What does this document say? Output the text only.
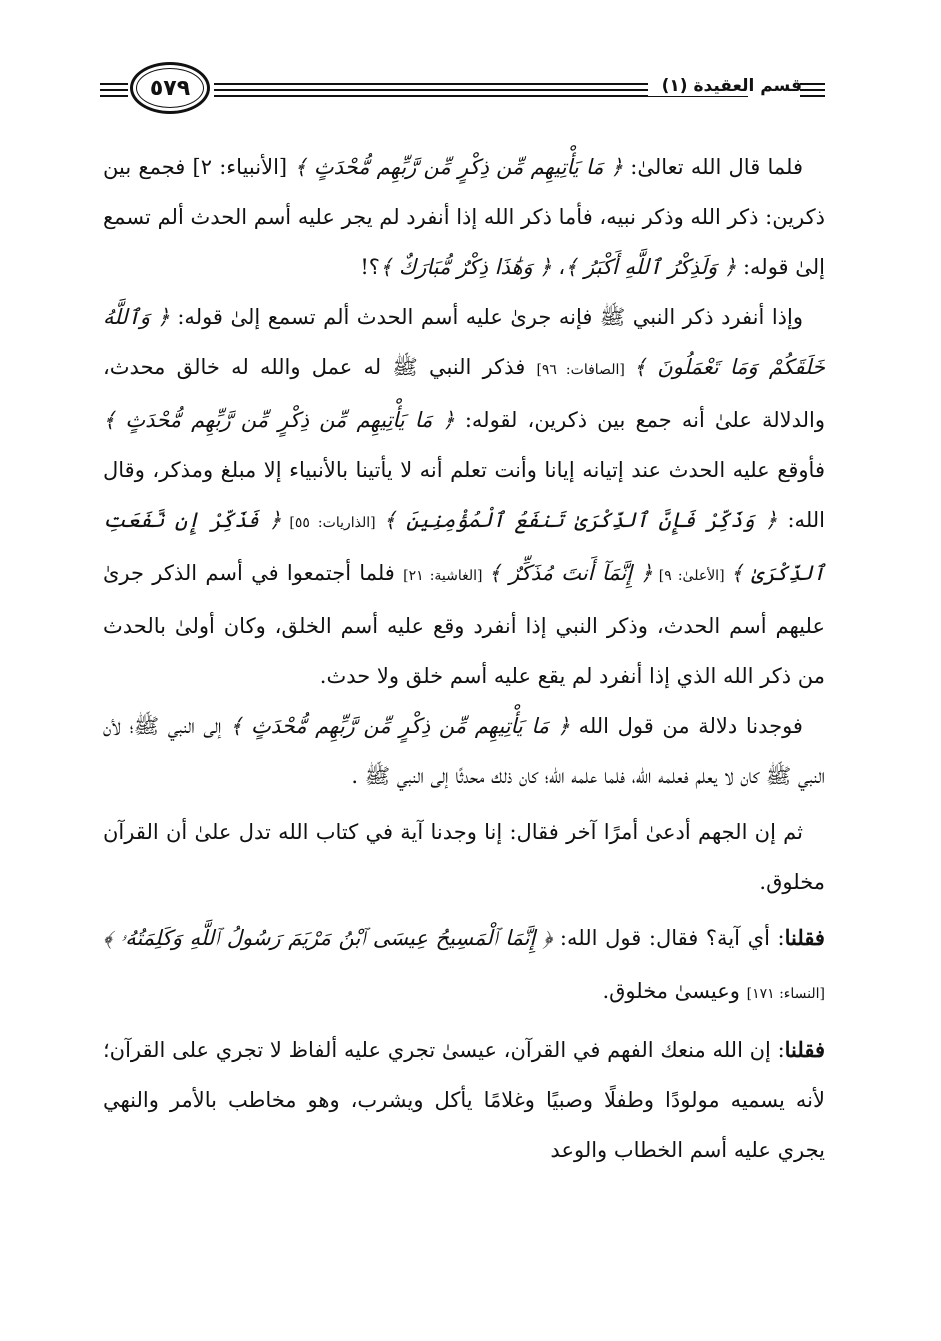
٥٧٩	قسم العقيدة (١)

فلما قال الله تعالىٰ: ﴿ مَا يَأْتِيهِم مِّن ذِكْرٍ مِّن رَّبِّهِم مُّحْدَثٍ ﴾ [الأنبياء: ٢] فجمع بين ذكرين: ذكر الله وذكر نبيه، فأما ذكر الله إذا أنفرد لم يجر عليه أسم الحدث ألم تسمع إلىٰ قوله: ﴿ وَلَذِكْرُ ٱللَّهِ أَكْبَرُ ﴾، ﴿ وَهَٰذَا ذِكْرٌ مُّبَارَكٌ ﴾؟!

وإذا أنفرد ذكر النبي ﷺ فإنه جرىٰ عليه أسم الحدث ألم تسمع إلىٰ قوله: ﴿ وَٱللَّهُ خَلَقَكُمْ وَمَا تَعْمَلُونَ ﴾ [الصافات: ٩٦] فذكر النبي ﷺ له عمل والله له خالق محدث، والدلالة علىٰ أنه جمع بين ذكرين، لقوله: ﴿ مَا يَأْتِيهِم مِّن ذِكْرٍ مِّن رَّبِّهِم مُّحْدَثٍ ﴾ فأوقع عليه الحدث عند إتيانه إيانا وأنت تعلم أنه لا يأتينا بالأنبياء إلا مبلغ ومذكر، وقال الله: ﴿ وَذَكِّرْ فَإِنَّ ٱلذِّكْرَىٰ تَنفَعُ ٱلْمُؤْمِنِينَ ﴾ [الذاريات: ٥٥] ﴿ فَذَكِّرْ إِن نَّفَعَتِ ٱلذِّكْرَىٰ ﴾ [الأعلىٰ: ٩] ﴿ إِنَّمَآ أَنتَ مُذَكِّرٌ ﴾ [الغاشية: ٢١] فلما أجتمعوا في أسم الذكر جرىٰ عليهم أسم الحدث، وذكر النبي إذا أنفرد وقع عليه أسم الخلق، وكان أولىٰ بالحدث من ذكر الله الذي إذا أنفرد لم يقع عليه أسم خلق ولا حدث.

فوجدنا دلالة من قول الله ﴿ مَا يَأْتِيهِم مِّن ذِكْرٍ مِّن رَّبِّهِم مُّحْدَثٍ ﴾ إلى النبي ﷺ؛ لأن النبي ﷺ كان لا يعلم فعلمه الله، فلما علمه الله؛ كان ذلك محدثًا إلى النبي ﷺ .

ثم إن الجهم أدعىٰ أمرًا آخر فقال: إنا وجدنا آية في كتاب الله تدل علىٰ أن القرآن مخلوق.

فقلنا: أي آية؟ فقال: قول الله: ﴿ إِنَّمَا ٱلْمَسِيحُ عِيسَى ٱبْنُ مَرْيَمَ رَسُولُ ٱللَّهِ وَكَلِمَتُهُۥ ﴾ [النساء: ١٧١] وعيسىٰ مخلوق.

فقلنا: إن الله منعك الفهم في القرآن، عيسىٰ تجري عليه ألفاظ لا تجري على القرآن؛ لأنه يسميه مولودًا وطفلًا وصبيًا وغلامًا يأكل ويشرب، وهو مخاطب بالأمر والنهي يجري عليه أسم الخطاب والوعد
